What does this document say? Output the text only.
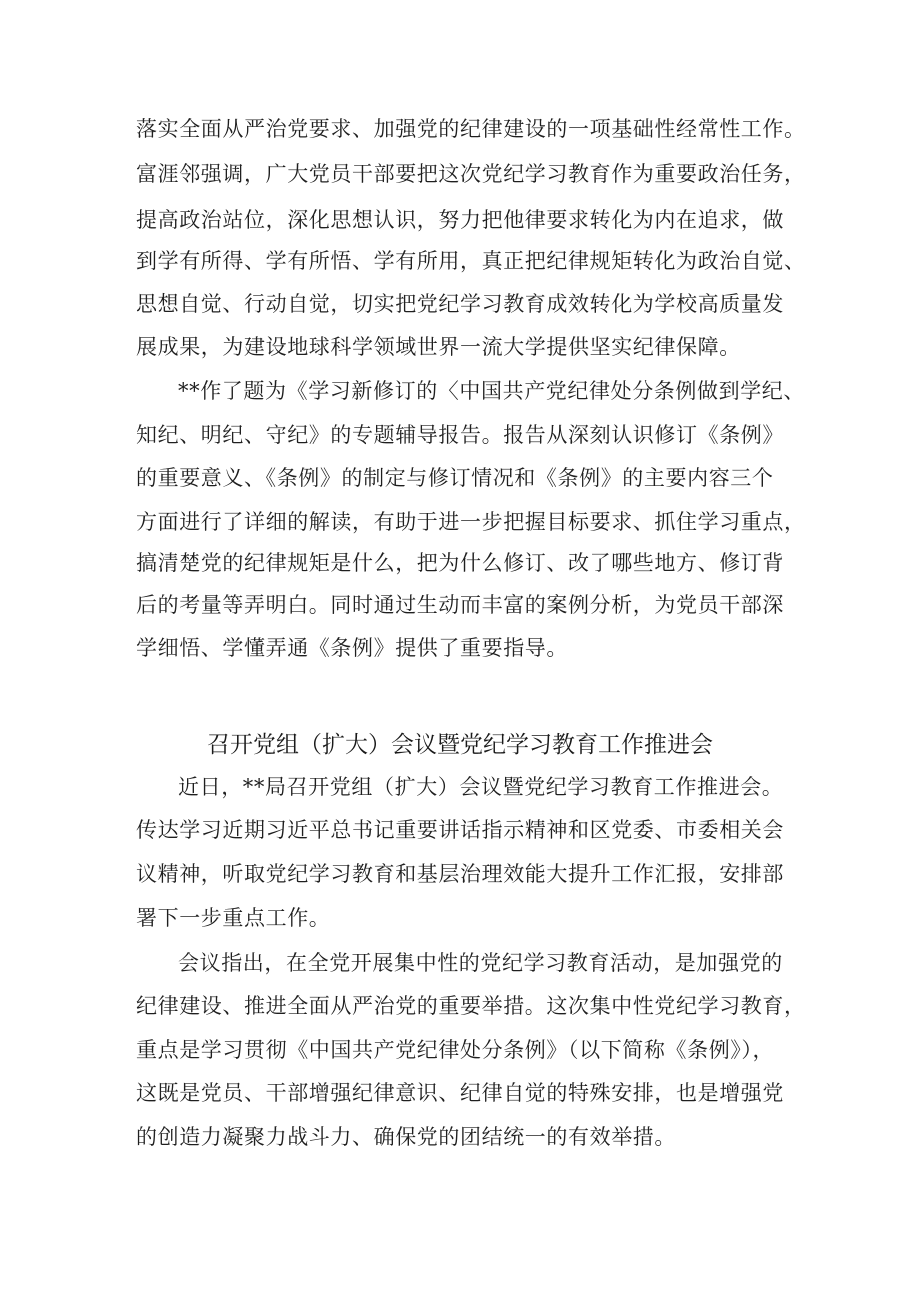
落实全面从严治党要求、加强党的纪律建设的一项基础性经常性工作。
富涯邻强调，广大党员干部要把这次党纪学习教育作为重要政治任务，
提高政治站位，深化思想认识，努力把他律要求转化为内在追求，做
到学有所得、学有所悟、学有所用，真正把纪律规矩转化为政治自觉、
思想自觉、行动自觉，切实把党纪学习教育成效转化为学校高质量发
展成果，为建设地球科学领域世界一流大学提供坚实纪律保障。
**作了题为《学习新修订的〈中国共产党纪律处分条例做到学纪、
知纪、明纪、守纪》的专题辅导报告。报告从深刻认识修订《条例》
的重要意义、《条例》的制定与修订情况和《条例》的主要内容三个
方面进行了详细的解读，有助于进一步把握目标要求、抓住学习重点，
搞清楚党的纪律规矩是什么，把为什么修订、改了哪些地方、修订背
后的考量等弄明白。同时通过生动而丰富的案例分析，为党员干部深
学细悟、学懂弄通《条例》提供了重要指导。
召开党组（扩大）会议暨党纪学习教育工作推进会
近日，**局召开党组（扩大）会议暨党纪学习教育工作推进会。
传达学习近期习近平总书记重要讲话指示精神和区党委、市委相关会
议精神，听取党纪学习教育和基层治理效能大提升工作汇报，安排部
署下一步重点工作。
会议指出，在全党开展集中性的党纪学习教育活动，是加强党的
纪律建设、推进全面从严治党的重要举措。这次集中性党纪学习教育，
重点是学习贯彻《中国共产党纪律处分条例》（以下简称《条例》），
这既是党员、干部增强纪律意识、纪律自觉的特殊安排，也是增强党
的创造力凝聚力战斗力、确保党的团结统一的有效举措。
